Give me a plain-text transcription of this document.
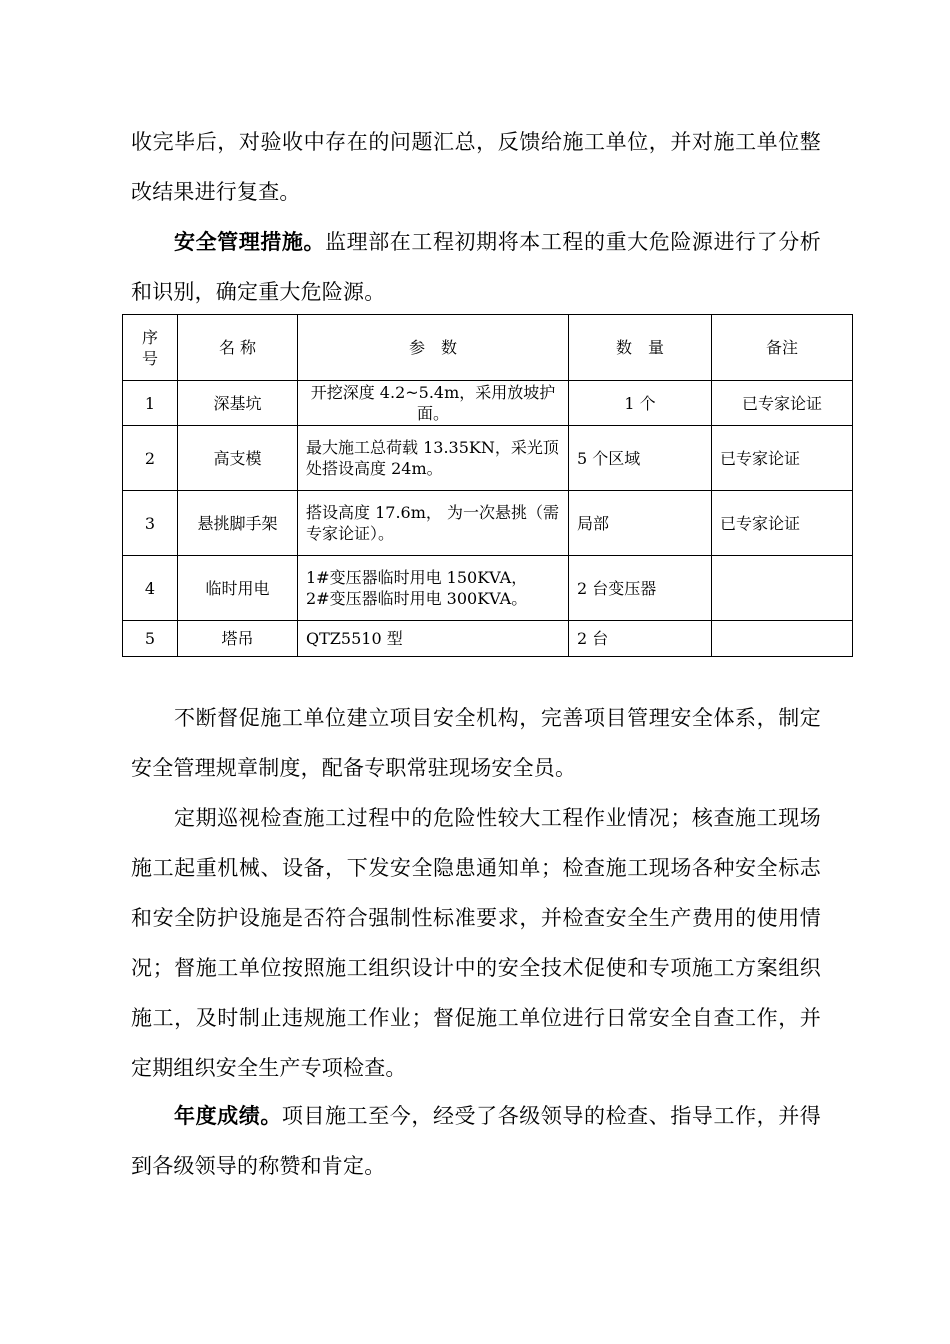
收完毕后，对验收中存在的问题汇总，反馈给施工单位，并对施工单位整改结果进行复查。

安全管理措施。监理部在工程初期将本工程的重大危险源进行了分析和识别，确定重大危险源。

序
号	名 称	参　数	数　量	备注
1	深基坑	开挖深度 4.2~5.4m，采用放坡护面。	1 个	已专家论证
2	高支模	最大施工总荷载 13.35KN，采光顶处搭设高度 24m。	5 个区域	已专家论证
3	悬挑脚手架	搭设高度 17.6m， 为一次悬挑（需专家论证）。	局部	已专家论证
4	临时用电	1#变压器临时用电 150KVA，
2#变压器临时用电 300KVA。	2 台变压器	
5	塔吊	QTZ5510 型	2 台	

不断督促施工单位建立项目安全机构，完善项目管理安全体系，制定安全管理规章制度，配备专职常驻现场安全员。

定期巡视检查施工过程中的危险性较大工程作业情况；核查施工现场施工起重机械、设备，下发安全隐患通知单；检查施工现场各种安全标志和安全防护设施是否符合强制性标准要求，并检查安全生产费用的使用情况；督施工单位按照施工组织设计中的安全技术促使和专项施工方案组织施工，及时制止违规施工作业；督促施工单位进行日常安全自查工作，并定期组织安全生产专项检查。

年度成绩。项目施工至今，经受了各级领导的检查、指导工作，并得到各级领导的称赞和肯定。
